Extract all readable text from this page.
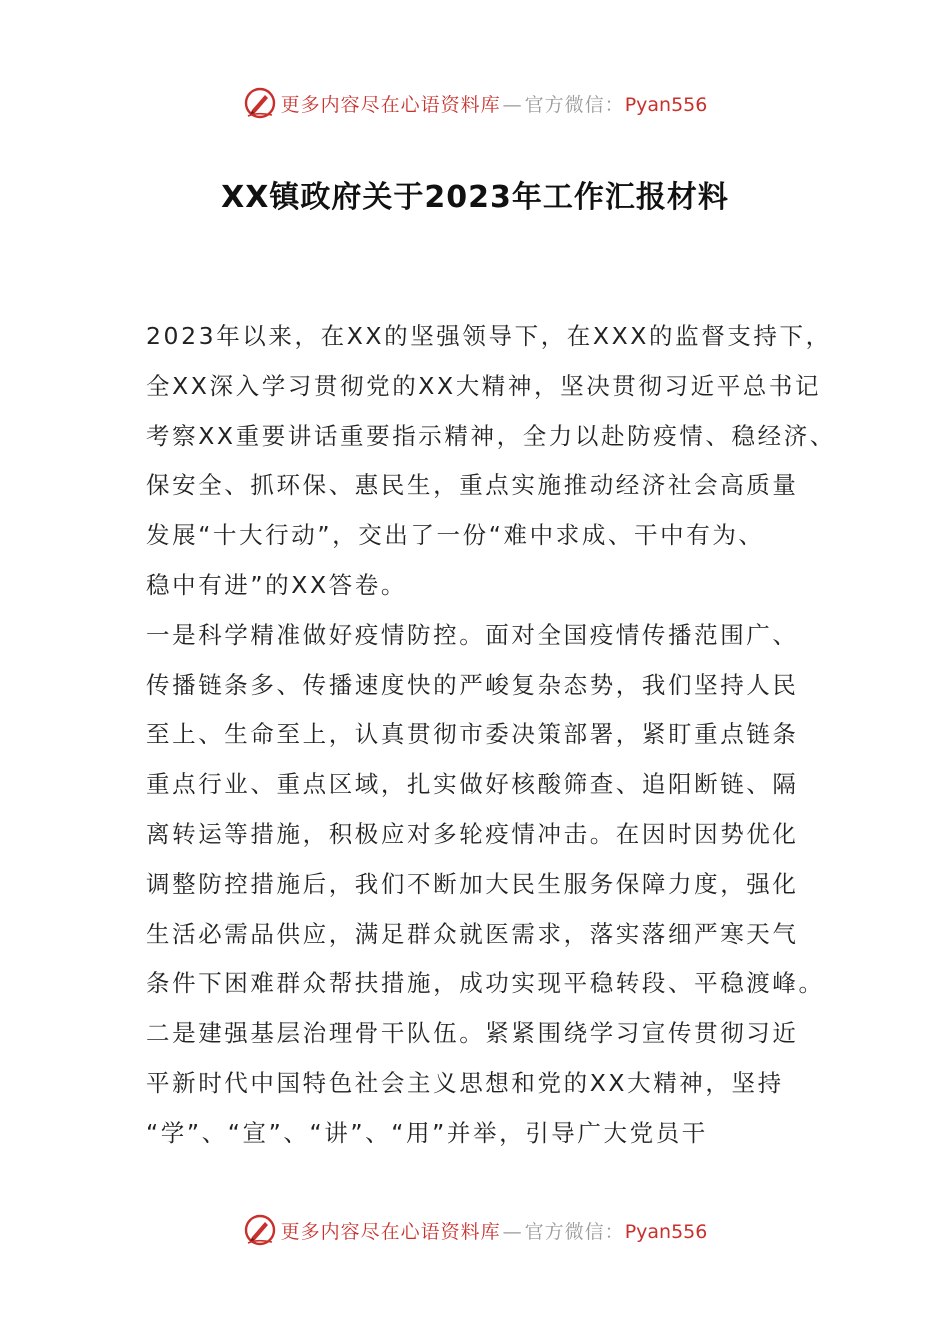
更多内容尽在心语资料库 — 官方微信：Pyan556
XX镇政府关于2023年工作汇报材料
2023年以来，在XX的坚强领导下，在XXX的监督支持下，
全XX深入学习贯彻党的XX大精神，坚决贯彻习近平总书记
考察XX重要讲话重要指示精神，全力以赴防疫情、稳经济、
保安全、抓环保、惠民生，重点实施推动经济社会高质量
发展“十大行动”，交出了一份“难中求成、干中有为、
稳中有进”的XX答卷。
一是科学精准做好疫情防控。面对全国疫情传播范围广、
传播链条多、传播速度快的严峻复杂态势，我们坚持人民
至上、生命至上，认真贯彻市委决策部署，紧盯重点链条
重点行业、重点区域，扎实做好核酸筛查、追阳断链、隔
离转运等措施，积极应对多轮疫情冲击。在因时因势优化
调整防控措施后，我们不断加大民生服务保障力度，强化
生活必需品供应，满足群众就医需求，落实落细严寒天气
条件下困难群众帮扶措施，成功实现平稳转段、平稳渡峰。
二是建强基层治理骨干队伍。紧紧围绕学习宣传贯彻习近
平新时代中国特色社会主义思想和党的XX大精神，坚持
“学”、“宣”、“讲”、“用”并举，引导广大党员干
更多内容尽在心语资料库 — 官方微信：Pyan556
